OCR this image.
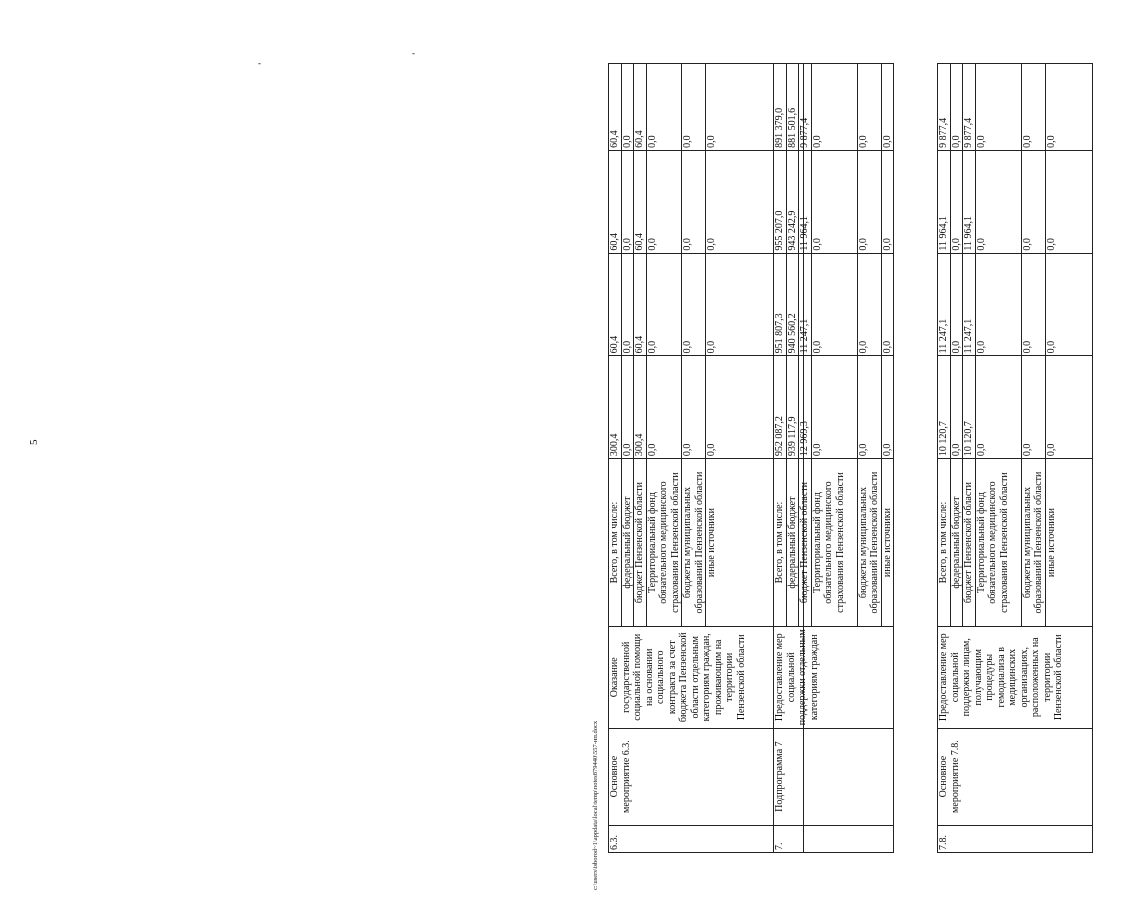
5
-
-
6.3.	Основное мероприятие 6.3.	Оказание государственной социальной помощи на основании социального контракта за счет бюджета Пензенской области отдельным категориям граждан, проживающим на территории Пензенской области	Всего, в том числе:	300,4	60,4	60,4	60,4
			федеральный бюджет	0,0	0,0	0,0	0,0
			бюджет Пензенской области	300,4	60,4	60,4	60,4
			Территориальный фонд обязательного медицинского страхования Пензенской области	0,0	0,0	0,0	0,0
			бюджеты муниципальных образований Пензенской области	0,0	0,0	0,0	0,0
			иные источники	0,0	0,0	0,0	0,0
7.	Подпрограмма 7	Предоставление мер социальной поддержки отдельным категориям граждан	Всего, в том числе:	952 087,2	951 807,3	955 207,0	891 379,0
			федеральный бюджет	939 117,9	940 560,2	943 242,9	881 501,6
			бюджет Пензенской области	12 969,3	11 247,1	11 964,1	9 877,4
			Территориальный фонд обязательного медицинского страхования Пензенской области	0,0	0,0	0,0	0,0
			бюджеты муниципальных образований Пензенской области	0,0	0,0	0,0	0,0
			иные источники	0,0	0,0	0,0	0,0
7.8.	Основное мероприятие 7.8.	Предоставление мер социальной поддержки лицам, получающим процедуры гемодиализа в медицинских организациях, расположенных на территории Пензенской области	Всего, в том числе:	10 120,7	11 247,1	11 964,1	9 877,4
			федеральный бюджет	0,0	0,0	0,0	0,0
			бюджет Пензенской области	10 120,7	11 247,1	11 964,1	9 877,4
			Территориальный фонд обязательного медицинского страхования Пензенской области	0,0	0,0	0,0	0,0
			бюджеты муниципальных образований Пензенской области	0,0	0,0	0,0	0,0
			иные источники	0,0	0,0	0,0	0,0
c:\users\isborod~1\appdata\local\temp\notes879440\557-нп.docx
